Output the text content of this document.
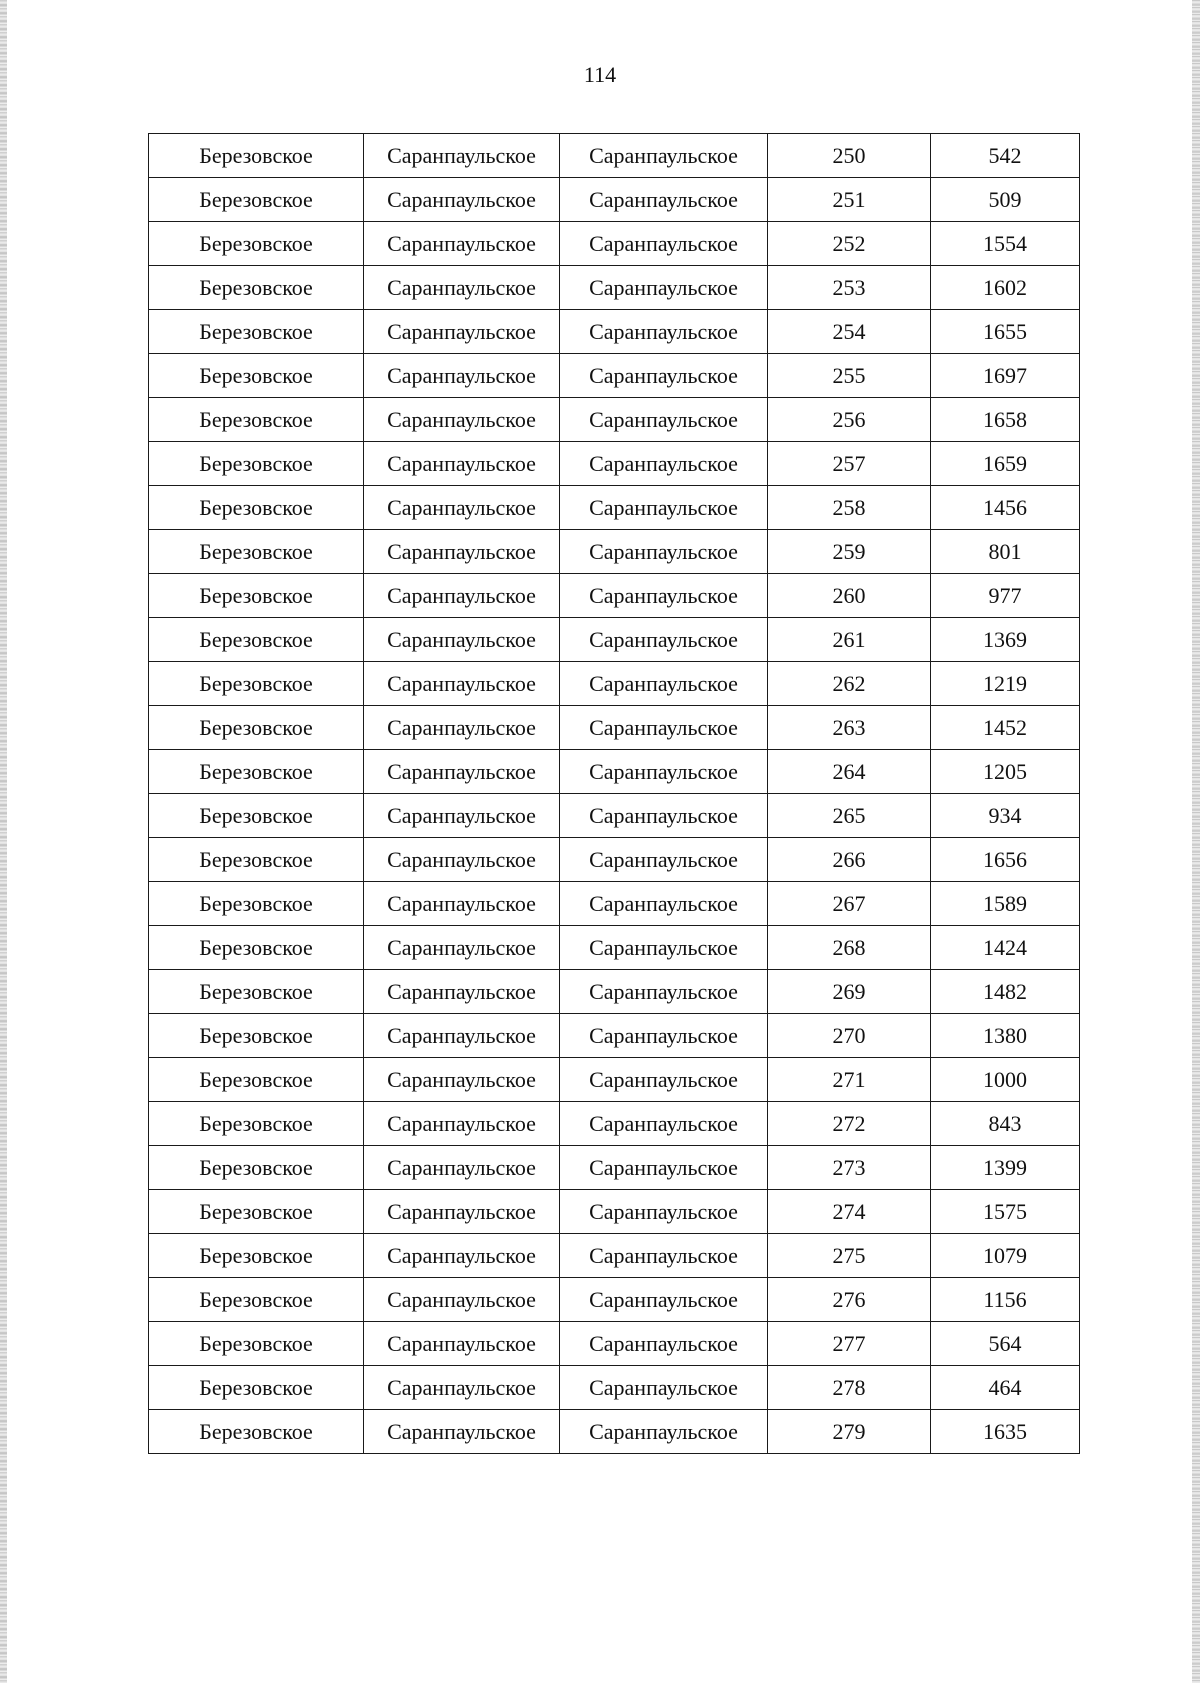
114
Березовское	Саранпаульское	Саранпаульское	250	542
Березовское	Саранпаульское	Саранпаульское	251	509
Березовское	Саранпаульское	Саранпаульское	252	1554
Березовское	Саранпаульское	Саранпаульское	253	1602
Березовское	Саранпаульское	Саранпаульское	254	1655
Березовское	Саранпаульское	Саранпаульское	255	1697
Березовское	Саранпаульское	Саранпаульское	256	1658
Березовское	Саранпаульское	Саранпаульское	257	1659
Березовское	Саранпаульское	Саранпаульское	258	1456
Березовское	Саранпаульское	Саранпаульское	259	801
Березовское	Саранпаульское	Саранпаульское	260	977
Березовское	Саранпаульское	Саранпаульское	261	1369
Березовское	Саранпаульское	Саранпаульское	262	1219
Березовское	Саранпаульское	Саранпаульское	263	1452
Березовское	Саранпаульское	Саранпаульское	264	1205
Березовское	Саранпаульское	Саранпаульское	265	934
Березовское	Саранпаульское	Саранпаульское	266	1656
Березовское	Саранпаульское	Саранпаульское	267	1589
Березовское	Саранпаульское	Саранпаульское	268	1424
Березовское	Саранпаульское	Саранпаульское	269	1482
Березовское	Саранпаульское	Саранпаульское	270	1380
Березовское	Саранпаульское	Саранпаульское	271	1000
Березовское	Саранпаульское	Саранпаульское	272	843
Березовское	Саранпаульское	Саранпаульское	273	1399
Березовское	Саранпаульское	Саранпаульское	274	1575
Березовское	Саранпаульское	Саранпаульское	275	1079
Березовское	Саранпаульское	Саранпаульское	276	1156
Березовское	Саранпаульское	Саранпаульское	277	564
Березовское	Саранпаульское	Саранпаульское	278	464
Березовское	Саранпаульское	Саранпаульское	279	1635
